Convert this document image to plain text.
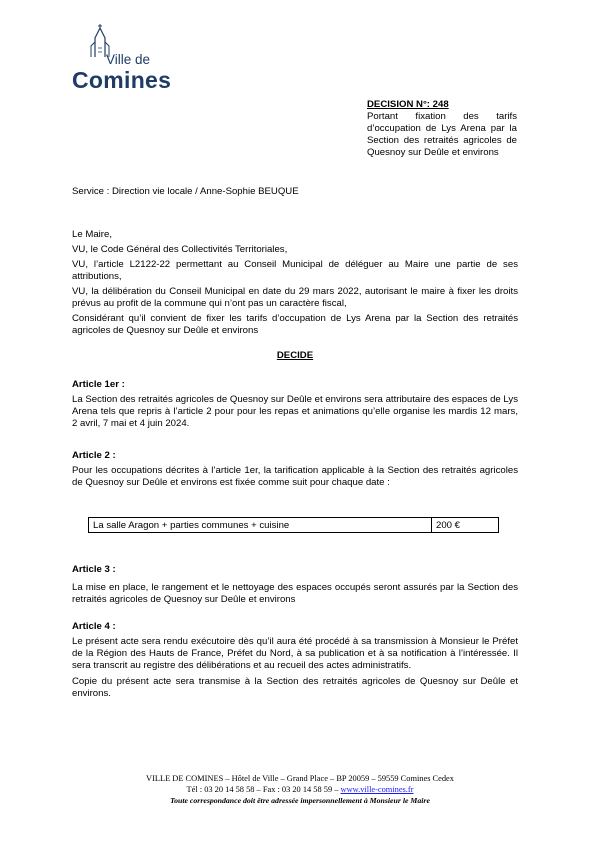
Ville de
Comines
DECISION N°: 248
Portant fixation des tarifs d’occupation de Lys Arena par la Section des retraités agricoles de Quesnoy sur Deûle et environs
Service : Direction vie locale / Anne-Sophie BEUQUE
Le Maire,
VU, le Code Général des Collectivités Territoriales,
VU, l’article L2122-22 permettant au Conseil Municipal de déléguer au Maire une partie de ses attributions,
VU, la délibération du Conseil Municipal en date du 29 mars 2022, autorisant le maire à fixer les droits prévus au profit de la commune qui n’ont pas un caractère fiscal,
Considérant qu’il convient de fixer les tarifs d’occupation de Lys Arena par la Section des retraités agricoles de Quesnoy sur Deûle et environs
DECIDE
Article 1er :
La Section des retraités agricoles de Quesnoy sur Deûle et environs sera attributaire des espaces de Lys Arena tels que repris à l’article 2 pour pour les repas et animations qu’elle organise les mardis 12 mars, 2 avril, 7 mai et 4 juin 2024.
Article 2 :
Pour les occupations décrites à l’article 1er, la tarification applicable à la Section des retraités agricoles de Quesnoy sur Deûle et environs est fixée comme suit pour chaque date :
La salle Aragon + parties communes + cuisine	200 €
Article 3 :
La mise en place, le rangement et le nettoyage des espaces occupés seront assurés par la Section des retraités agricoles de Quesnoy sur Deûle et environs
Article 4 :
Le présent acte sera rendu exécutoire dès qu’il aura été procédé à sa transmission à Monsieur le Préfet de la Région des Hauts de France, Préfet du Nord, à sa publication et à sa notification à l’intéressée. Il sera transcrit au registre des délibérations et au recueil des actes administratifs.
Copie du présent acte sera transmise à la Section des retraités agricoles de Quesnoy sur Deûle et environs.
VILLE DE COMINES – Hôtel de Ville – Grand Place – BP 20059 – 59559 Comines Cedex
Tél : 03 20 14 58 58 – Fax : 03 20 14 58 59 – www.ville-comines.fr
Toute correspondance doit être adressée impersonnellement à Monsieur le Maire
